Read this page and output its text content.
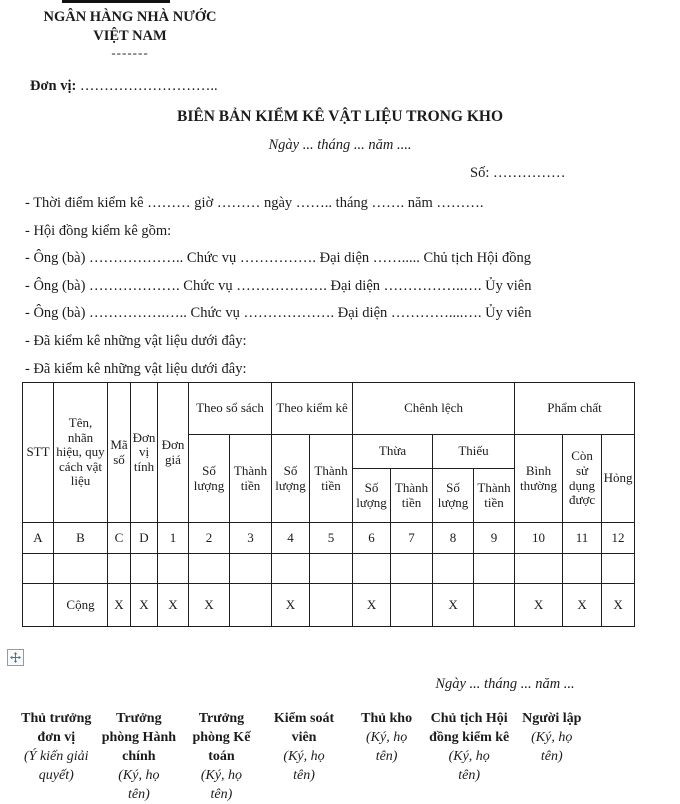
NGÂN HÀNG NHÀ NƯỚC
VIỆT NAM
-------
Đơn vị: ………………………..
BIÊN BẢN KIỂM KÊ VẬT LIỆU TRONG KHO
Ngày ... tháng ... năm ....
Số: ……………
- Thời điểm kiểm kê ……… giờ ……… ngày …….. tháng ……. năm ……….
- Hội đồng kiểm kê gồm:
- Ông (bà) ……………….. Chức vụ ……………. Đại diện ……..... Chủ tịch Hội đồng
- Ông (bà) ………………. Chức vụ ………………. Đại diện ……………..…. Ủy viên
- Ông (bà) …………….….. Chức vụ ………………. Đại diện …………....…. Ủy viên
- Đã kiểm kê những vật liệu dưới đây:
- Đã kiểm kê những vật liệu dưới đây:
STT	Tên, nhãn hiệu, quy cách vật liệu	Mã số	Đơn vị tính	Đơn giá	Theo sổ sách		Theo kiểm kê		Chênh lệch				Phẩm chất		
					Số lượng	Thành tiền	Số lượng	Thành tiền	Thừa		Thiếu		Bình thường	Còn sử dụng được	Hỏng
									Số lượng	Thành tiền	Số lượng	Thành tiền			
A	B	C	D	1	2	3	4	5	6	7	8	9	10	11	12

	Cộng	X	X	X	X		X		X		X		X	X	X
Ngày ... tháng ... năm ...
Thủ trưởng đơn vị
(Ý kiến giải quyết)
Trưởng phòng Hành chính
(Ký, họ tên)
Trưởng phòng Kế toán
(Ký, họ tên)
Kiểm soát viên
(Ký, họ tên)
Thủ kho
(Ký, họ tên)
Chủ tịch Hội đồng kiểm kê
(Ký, họ tên)
Người lập
(Ký, họ tên)
